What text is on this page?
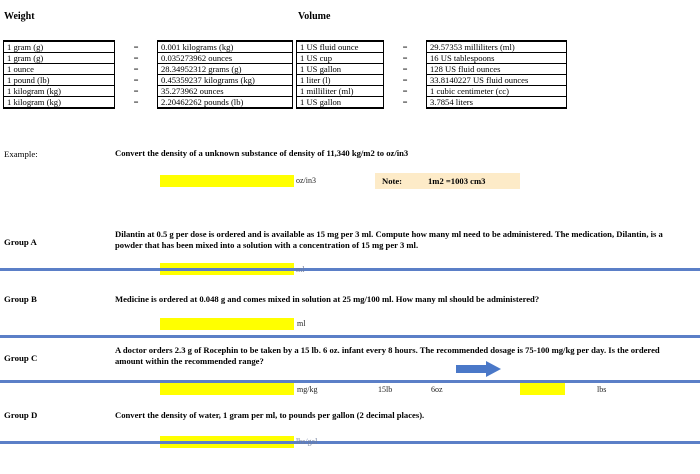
Weight	Volume
1 gram (g)	=	0.001 kilograms (kg)
1 gram (g)	=	0.035273962 ounces
1 ounce	=	28.34952312 grams (g)
1 pound (lb)	=	0.45359237 kilograms (kg)
1 kilogram (kg)	=	35.273962 ounces
1 kilogram (kg)	=	2.20462262 pounds (lb)
1 US fluid ounce	=	29.57353 milliliters (ml)
1 US cup	=	16 US tablespoons
1 US gallon	=	128 US fluid ounces
1 liter (l)	=	33.8140227 US fluid ounces
1 milliliter (ml)	=	1 cubic centimeter (cc)
1 US gallon	=	3.7854 liters
Example:	Convert the density of a unknown substance of density of 11,340 kg/m2 to oz/in3
oz/in3	Note:	1m2 =1003 cm3
Group A
Dilantin at 0.5 g per dose is ordered and is available as 15 mg per 3 ml. Compute how many ml need to be administered. The medication, Dilantin, is a powder that has been mixed into a solution with a concentration of 15 mg per 3 ml.
ml
Group B	Medicine is ordered at 0.048 g and comes mixed in solution at 25 mg/100 ml. How many ml should be administered?
ml
Group C
A doctor orders 2.3 g of Rocephin to be taken by a 15 lb. 6 oz. infant every 8 hours. The recommended dosage is 75-100 mg/kg per day. Is the ordered amount within the recommended range?
mg/kg	15lb	6oz	lbs
Group D	Convert the density of water, 1 gram per ml, to pounds per gallon (2 decimal places).
lbs/gal
